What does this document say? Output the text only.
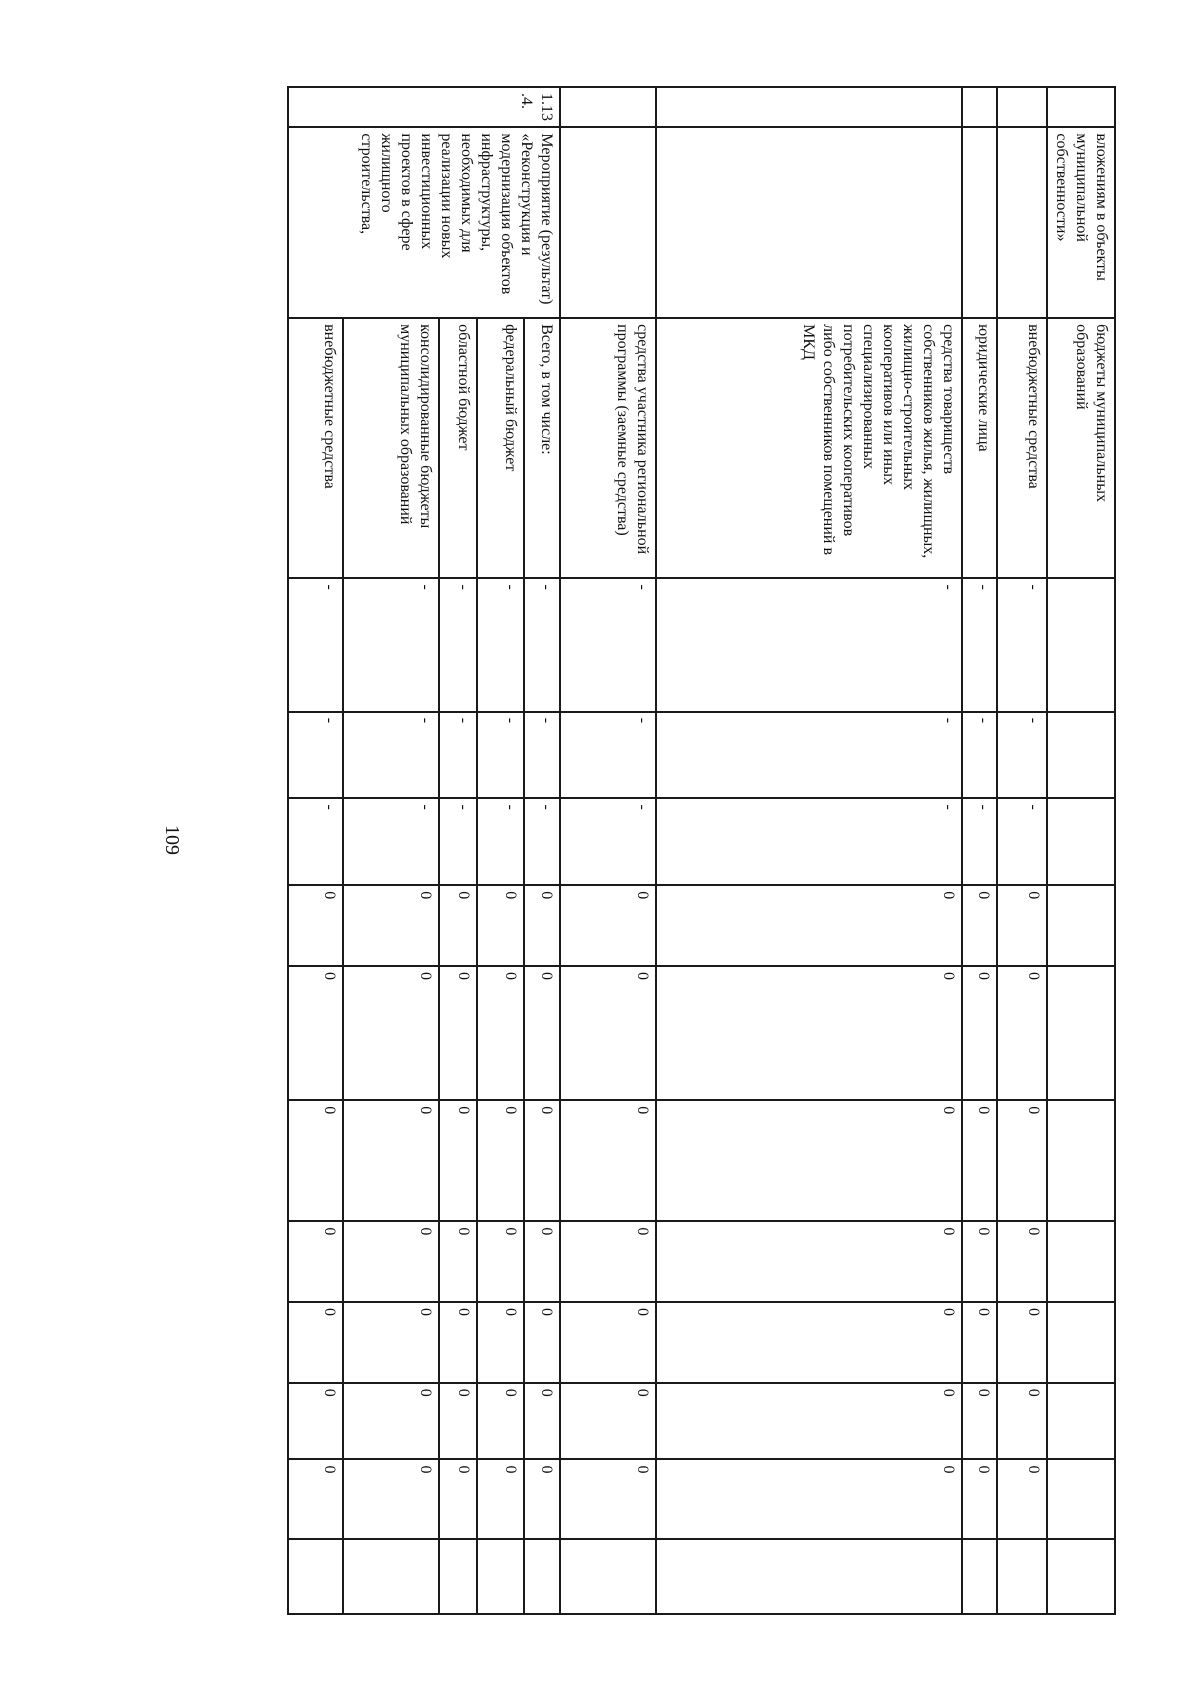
109
	вложениям в объекты муниципальной собственности»	бюджеты муниципальных образований											
		внебюджетные средства	-	-	-	0	0	0	0	0	0	0	
		юридические лица	-	-	-	0	0	0	0	0	0	0	
		средства товариществ собственников жилья, жилищных, жилищно-строительных кооперативов или иных специализированных потребительских кооперативов либо собственников помещений в МКД	-	-	-	0	0	0	0	0	0	0	
		средства участника региональной программы (заемные средства)	-	-	-	0	0	0	0	0	0	0	
1.13.4.	Мероприятие (результат) «Реконструкция и модернизация объектов инфраструктуры, необходимых для реализации новых инвестиционных проектов в сфере жилищного строительства,	Всего, в том числе:	-	-	-	0	0	0	0	0	0	0	
		федеральный бюджет	-	-	-	0	0	0	0	0	0	0	
		областной бюджет	-	-	-	0	0	0	0	0	0	0	
		консолидированные бюджеты муниципальных образований	-	-	-	0	0	0	0	0	0	0	
		внебюджетные средства	-	-	-	0	0	0	0	0	0	0	
